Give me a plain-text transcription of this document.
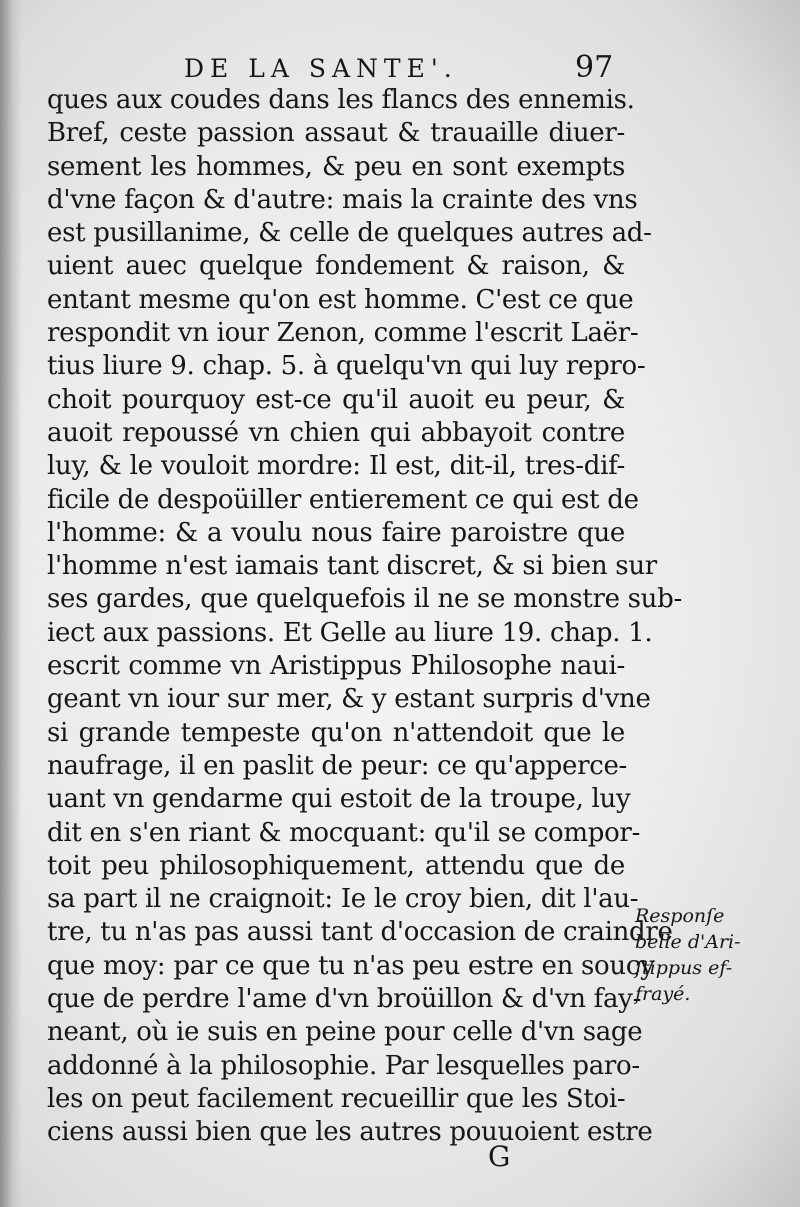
DE LA SANTE'.	97
ques aux coudes dans les flancs des ennemis.
Bref, ceste passion assaut & trauaille diuer-
sement les hommes, & peu en sont exempts
d'vne façon & d'autre: mais la crainte des vns
est pusillanime, & celle de quelques autres ad-
uient auec quelque fondement & raison, &
entant mesme qu'on est homme. C'est ce que
respondit vn iour Zenon, comme l'escrit Laër-
tius liure 9. chap. 5. à quelqu'vn qui luy repro-
choit pourquoy est-ce qu'il auoit eu peur, &
auoit repoussé vn chien qui abbayoit contre
luy, & le vouloit mordre: Il est, dit-il, tres-dif-
ficile de despoüiller entierement ce qui est de
l'homme: & a voulu nous faire paroistre que
l'homme n'est iamais tant discret, & si bien sur
ses gardes, que quelquefois il ne se monstre sub-
iect aux passions. Et Gelle au liure 19. chap. 1.
escrit comme vn Aristippus Philosophe naui-
geant vn iour sur mer, & y estant surpris d'vne
si grande tempeste qu'on n'attendoit que le
naufrage, il en paslit de peur: ce qu'apperce-
uant vn gendarme qui estoit de la troupe, luy
dit en s'en riant & mocquant: qu'il se compor-
toit peu philosophiquement, attendu que de
sa part il ne craignoit: Ie le croy bien, dit l'au-
tre, tu n'as pas aussi tant d'occasion de craindre
que moy: par ce que tu n'as peu estre en soucy
que de perdre l'ame d'vn broüillon & d'vn fay-
neant, où ie suis en peine pour celle d'vn sage
addonné à la philosophie. Par lesquelles paro-
les on peut facilement recueillir que les Stoi-
ciens aussi bien que les autres pouuoient estre
Responſe
belle d'Ari-
ſtippus ef-
frayé.
G
